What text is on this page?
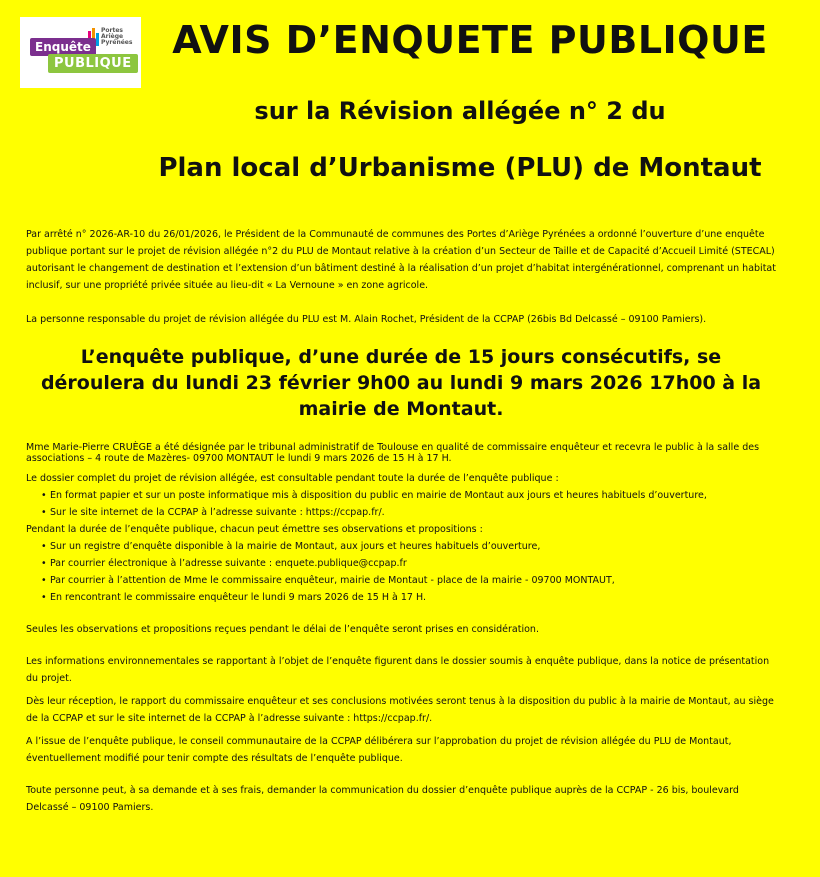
Portes
Ariège
Pyrénées
Enquête
PUBLIQUE
AVIS D’ENQUETE PUBLIQUE
sur la Révision allégée n° 2 du
Plan local d’Urbanisme (PLU) de Montaut

Par arrêté n° 2026-AR-10 du 26/01/2026, le Président de la Communauté de communes des Portes d’Ariège Pyrénées a ordonné l’ouverture d’une enquête publique portant sur le projet de révision allégée n°2 du PLU de Montaut relative à la création d’un Secteur de Taille et de Capacité d’Accueil Limité (STECAL) autorisant le changement de destination et l’extension d’un bâtiment destiné à la réalisation d’un projet d’habitat intergénérationnel, comprenant un habitat inclusif, sur une propriété privée située au lieu-dit « La Vernoune » en zone agricole.

La personne responsable du projet de révision allégée du PLU est M. Alain Rochet, Président de la CCPAP (26bis Bd Delcassé – 09100 Pamiers).

L’enquête publique, d’une durée de 15 jours consécutifs, se déroulera du lundi 23 février 9h00 au lundi 9 mars 2026 17h00 à la mairie de Montaut.

Mme Marie-Pierre CRUÈGE a été désignée par le tribunal administratif de Toulouse en qualité de commissaire enquêteur et recevra le public à la salle des associations – 4 route de Mazères- 09700 MONTAUT le lundi 9 mars 2026 de 15 H à 17 H.

Le dossier complet du projet de révision allégée, est consultable pendant toute la durée de l’enquête publique :

• En format papier et sur un poste informatique mis à disposition du public en mairie de Montaut aux jours et heures habituels d’ouverture,
• Sur le site internet de la CCPAP à l’adresse suivante : https://ccpap.fr/.

Pendant la durée de l’enquête publique, chacun peut émettre ses observations et propositions :

• Sur un registre d’enquête disponible à la mairie de Montaut, aux jours et heures habituels d’ouverture,
• Par courrier électronique à l’adresse suivante : enquete.publique@ccpap.fr
• Par courrier à l’attention de Mme le commissaire enquêteur, mairie de Montaut - place de la mairie - 09700 MONTAUT,
• En rencontrant le commissaire enquêteur le lundi 9 mars 2026 de 15 H à 17 H.

Seules les observations et propositions reçues pendant le délai de l’enquête seront prises en considération.

Les informations environnementales se rapportant à l’objet de l’enquête figurent dans le dossier soumis à enquête publique, dans la notice de présentation du projet.

Dès leur réception, le rapport du commissaire enquêteur et ses conclusions motivées seront tenus à la disposition du public à la mairie de Montaut, au siège de la CCPAP et sur le site internet de la CCPAP à l’adresse suivante : https://ccpap.fr/.

A l’issue de l’enquête publique, le conseil communautaire de la CCPAP délibérera sur l’approbation du projet de révision allégée du PLU de Montaut, éventuellement modifié pour tenir compte des résultats de l’enquête publique.

Toute personne peut, à sa demande et à ses frais, demander la communication du dossier d’enquête publique auprès de la CCPAP - 26 bis, boulevard Delcassé – 09100 Pamiers.
